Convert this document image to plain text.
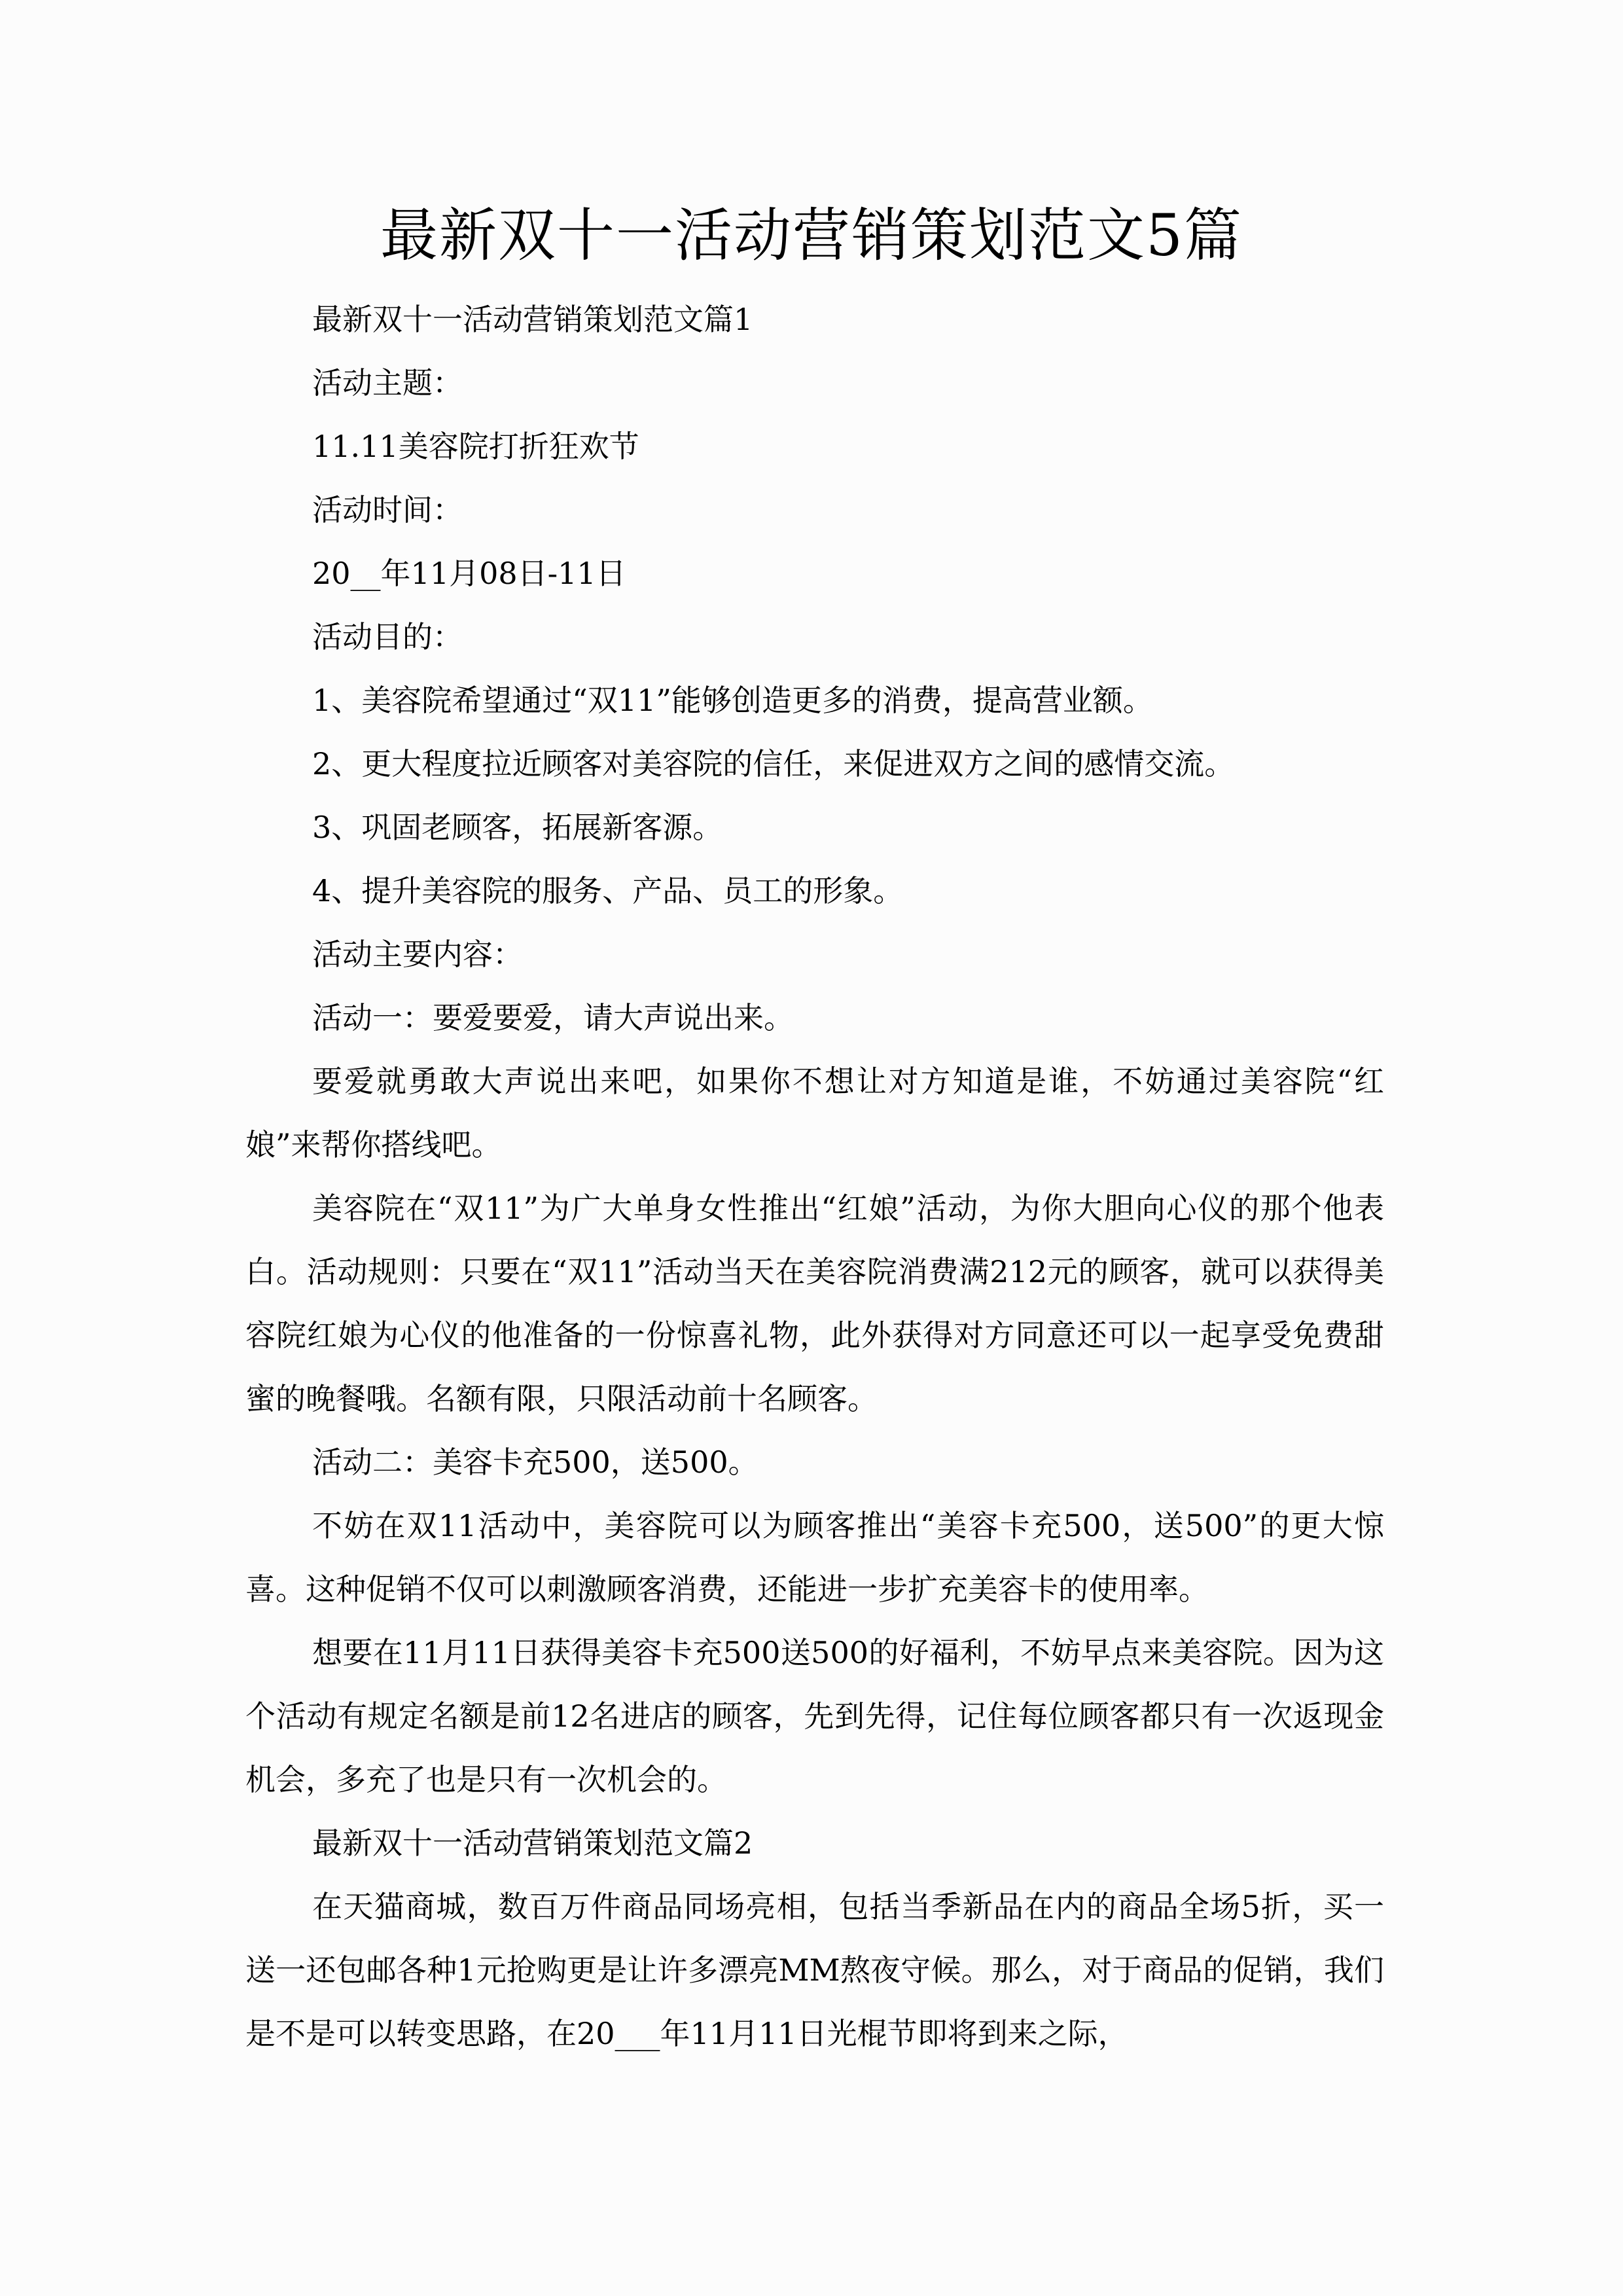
最新双十一活动营销策划范文5篇

最新双十一活动营销策划范文篇1

活动主题：

11.11美容院打折狂欢节

活动时间：

20__年11月08日-11日

活动目的：

1、美容院希望通过“双11”能够创造更多的消费，提高营业额。

2、更大程度拉近顾客对美容院的信任，来促进双方之间的感情交流。

3、巩固老顾客，拓展新客源。

4、提升美容院的服务、产品、员工的形象。

活动主要内容：

活动一：要爱要爱，请大声说出来。

要爱就勇敢大声说出来吧，如果你不想让对方知道是谁，不妨通过美容院“红娘”来帮你搭线吧。

美容院在“双11”为广大单身女性推出“红娘”活动，为你大胆向心仪的那个他表白。活动规则：只要在“双11”活动当天在美容院消费满212元的顾客，就可以获得美容院红娘为心仪的他准备的一份惊喜礼物，此外获得对方同意还可以一起享受免费甜蜜的晚餐哦。名额有限，只限活动前十名顾客。

活动二：美容卡充500，送500。

不妨在双11活动中，美容院可以为顾客推出“美容卡充500，送500”的更大惊喜。这种促销不仅可以刺激顾客消费，还能进一步扩充美容卡的使用率。

想要在11月11日获得美容卡充500送500的好福利，不妨早点来美容院。因为这个活动有规定名额是前12名进店的顾客，先到先得，记住每位顾客都只有一次返现金机会，多充了也是只有一次机会的。

最新双十一活动营销策划范文篇2

在天猫商城，数百万件商品同场亮相，包括当季新品在内的商品全场5折，买一送一还包邮各种1元抢购更是让许多漂亮MM熬夜守候。那么，对于商品的促销，我们是不是可以转变思路，在20___年11月11日光棍节即将到来之际，
